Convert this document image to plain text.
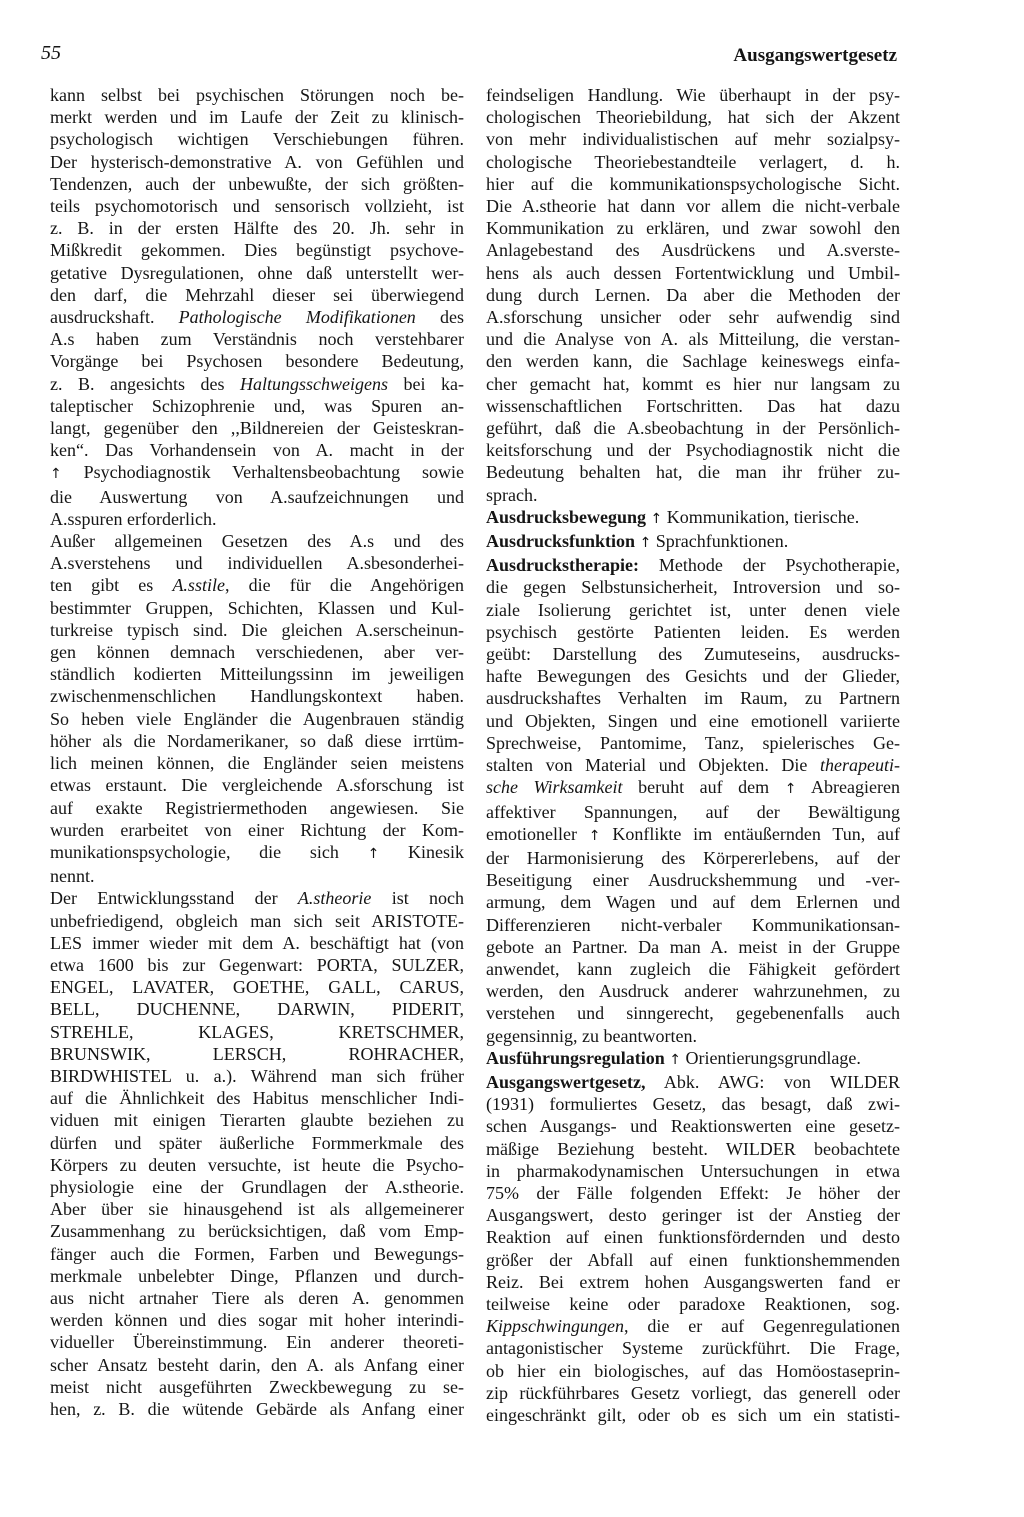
55	Ausgangswertgesetz
kann selbst bei psychischen Störungen noch be-
merkt werden und im Laufe der Zeit zu klinisch-
psychologisch wichtigen Verschiebungen führen.
Der hysterisch-demonstrative A. von Gefühlen und
Tendenzen, auch der unbewußte, der sich größten-
teils psychomotorisch und sensorisch vollzieht, ist
z. B. in der ersten Hälfte des 20. Jh. sehr in
Mißkredit gekommen. Dies begünstigt psychove-
getative Dysregulationen, ohne daß unterstellt wer-
den darf, die Mehrzahl dieser sei überwiegend
ausdruckshaft. Pathologische Modifikationen des
A.s haben zum Verständnis noch verstehbarer
Vorgänge bei Psychosen besondere Bedeutung,
z. B. angesichts des Haltungsschweigens bei ka-
taleptischer Schizophrenie und, was Spuren an-
langt, gegenüber den ,,Bildnereien der Geisteskran-
ken“. Das Vorhandensein von A. macht in der
↑ Psychodiagnostik Verhaltensbeobachtung sowie
die Auswertung von A.saufzeichnungen und
A.sspuren erforderlich.
Außer allgemeinen Gesetzen des A.s und des
A.sverstehens und individuellen A.sbesonderhei-
ten gibt es A.sstile, die für die Angehörigen
bestimmter Gruppen, Schichten, Klassen und Kul-
turkreise typisch sind. Die gleichen A.serscheinun-
gen können demnach verschiedenen, aber ver-
ständlich kodierten Mitteilungssinn im jeweiligen
zwischenmenschlichen Handlungskontext haben.
So heben viele Engländer die Augenbrauen ständig
höher als die Nordamerikaner, so daß diese irrtüm-
lich meinen können, die Engländer seien meistens
etwas erstaunt. Die vergleichende A.sforschung ist
auf exakte Registriermethoden angewiesen. Sie
wurden erarbeitet von einer Richtung der Kom-
munikationspsychologie, die sich ↑ Kinesik
nennt.
Der Entwicklungsstand der A.stheorie ist noch
unbefriedigend, obgleich man sich seit ARISTOTE-
LES immer wieder mit dem A. beschäftigt hat (von
etwa 1600 bis zur Gegenwart: PORTA, SULZER,
ENGEL, LAVATER, GOETHE, GALL, CARUS,
BELL, DUCHENNE, DARWIN, PIDERIT,
STREHLE, KLAGES, KRETSCHMER,
BRUNSWIK, LERSCH, ROHRACHER,
BIRDWHISTEL u. a.). Während man sich früher
auf die Ähnlichkeit des Habitus menschlicher Indi-
viduen mit einigen Tierarten glaubte beziehen zu
dürfen und später äußerliche Formmerkmale des
Körpers zu deuten versuchte, ist heute die Psycho-
physiologie eine der Grundlagen der A.stheorie.
Aber über sie hinausgehend ist als allgemeinerer
Zusammenhang zu berücksichtigen, daß vom Emp-
fänger auch die Formen, Farben und Bewegungs-
merkmale unbelebter Dinge, Pflanzen und durch-
aus nicht artnaher Tiere als deren A. genommen
werden können und dies sogar mit hoher interindi-
vidueller Übereinstimmung. Ein anderer theoreti-
scher Ansatz besteht darin, den A. als Anfang einer
meist nicht ausgeführten Zweckbewegung zu se-
hen, z. B. die wütende Gebärde als Anfang einer
feindseligen Handlung. Wie überhaupt in der psy-
chologischen Theoriebildung, hat sich der Akzent
von mehr individualistischen auf mehr sozialpsy-
chologische Theoriebestandteile verlagert, d. h.
hier auf die kommunikationspsychologische Sicht.
Die A.stheorie hat dann vor allem die nicht-verbale
Kommunikation zu erklären, und zwar sowohl den
Anlagebestand des Ausdrückens und A.sverste-
hens als auch dessen Fortentwicklung und Umbil-
dung durch Lernen. Da aber die Methoden der
A.sforschung unsicher oder sehr aufwendig sind
und die Analyse von A. als Mitteilung, die verstan-
den werden kann, die Sachlage keineswegs einfa-
cher gemacht hat, kommt es hier nur langsam zu
wissenschaftlichen Fortschritten. Das hat dazu
geführt, daß die A.sbeobachtung in der Persönlich-
keitsforschung und der Psychodiagnostik nicht die
Bedeutung behalten hat, die man ihr früher zu-
sprach.
Ausdrucksbewegung ↑ Kommunikation, tierische.
Ausdrucksfunktion ↑ Sprachfunktionen.
Ausdruckstherapie: Methode der Psychotherapie,
die gegen Selbstunsicherheit, Introversion und so-
ziale Isolierung gerichtet ist, unter denen viele
psychisch gestörte Patienten leiden. Es werden
geübt: Darstellung des Zumuteseins, ausdrucks-
hafte Bewegungen des Gesichts und der Glieder,
ausdruckshaftes Verhalten im Raum, zu Partnern
und Objekten, Singen und eine emotionell variierte
Sprechweise, Pantomime, Tanz, spielerisches Ge-
stalten von Material und Objekten. Die therapeuti-
sche Wirksamkeit beruht auf dem ↑ Abreagieren
affektiver Spannungen, auf der Bewältigung
emotioneller ↑ Konflikte im entäußernden Tun, auf
der Harmonisierung des Körpererlebens, auf der
Beseitigung einer Ausdruckshemmung und -ver-
armung, dem Wagen und auf dem Erlernen und
Differenzieren nicht-verbaler Kommunikationsan-
gebote an Partner. Da man A. meist in der Gruppe
anwendet, kann zugleich die Fähigkeit gefördert
werden, den Ausdruck anderer wahrzunehmen, zu
verstehen und sinngerecht, gegebenenfalls auch
gegensinnig, zu beantworten.
Ausführungsregulation ↑ Orientierungsgrundlage.
Ausgangswertgesetz, Abk. AWG: von WILDER
(1931) formuliertes Gesetz, das besagt, daß zwi-
schen Ausgangs- und Reaktionswerten eine gesetz-
mäßige Beziehung besteht. WILDER beobachtete
in pharmakodynamischen Untersuchungen in etwa
75% der Fälle folgenden Effekt: Je höher der
Ausgangswert, desto geringer ist der Anstieg der
Reaktion auf einen funktionsfördernden und desto
größer der Abfall auf einen funktionshemmenden
Reiz. Bei extrem hohen Ausgangswerten fand er
teilweise keine oder paradoxe Reaktionen, sog.
Kippschwingungen, die er auf Gegenregulationen
antagonistischer Systeme zurückführt. Die Frage,
ob hier ein biologisches, auf das Homöostaseprin-
zip rückführbares Gesetz vorliegt, das generell oder
eingeschränkt gilt, oder ob es sich um ein statisti-
